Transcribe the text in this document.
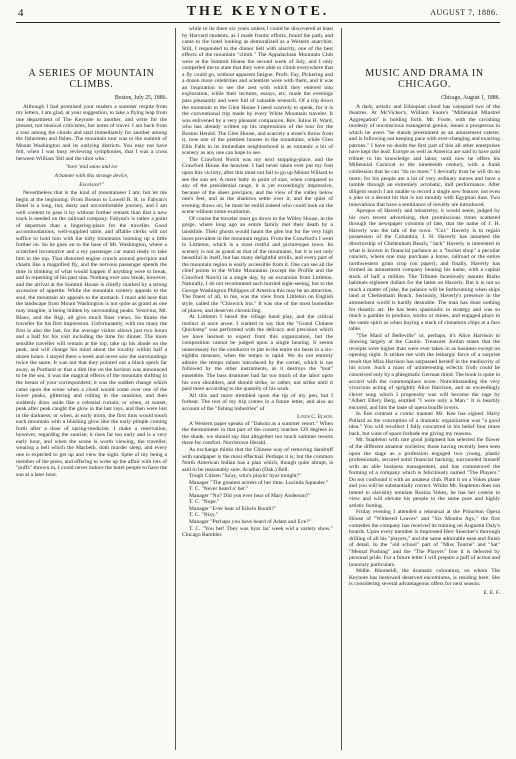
4	THE KEYNOTE.	AUGUST 7, 1886.
A SERIES OF MOUNTAIN CLIMBS.
Boston, July 25, 1886.

Although I had promised your readers a summer respite from my letters, I am glad, at your suggestion, to take a flying leap from one department of The Keynote to another, and write for the present, not musical criticisms, but notes of travel. I am back from a tour among the clouds and start immediately for another among the fishermen and fishes. The mountain tour was to the summit of Mount Washington and its outlying districts. You may not have felt, when I was busy reviewing symphonies, that I was a cross between William Tell and the idiot who:

"bore 'mid snow and ice
A banner with this strange device,
Excelsior!"

Nevertheless that is the kind of mountaineer I am; but let me begin at the beginning: From Boston to Lowell R. R. to Fabyan's Hotel is a long, hot, dusty and uncomfortable journey, and I am well content to pass it by without further remark than that a new track is needed on the railroad company. Fabyan's is rather a point of departure than a lingering-place for the traveller. Good accommodations, well-supplied table, and affable clerks will not suffice to hold him with the lofty mountains looming up a little further on. So he goes on to the base of Mt. Washington, where a scratched locomotive and a toy passenger car stand ready to take him to the top. That distorted engine crawls around precipice and chasm like a magnified fly, and the nervous passenger spends the time in thinking of what would happen if anything were to break, and in repenting of his past sins. Nothing ever saw break, however, and the arrival at the Summit House is chiefly marked by a strong accession of appetite. While the mountain scenery appeals to the soul, the mountain air appeals to the stomach. I must add here that the landscape from Mount Washington is not quite as grand as one may imagine, it being hidden by surrounding peaks. Vesuvius, Mt. Blanc, and the Rigi, all give much finer views. So thinks the traveller for his first impression. Unfortunately, with too many the first is also the last, for the average visitor allows just two hours and a half for his visit including the time for dinner. The more sensible traveller will remain at the top, take up his abode on the peak, and will change his mind about the locality within half a dozen hours. I stayed there a week and never saw the surroundings twice the same. It was not that they pointed out a black speck far away, as Portland or that a dim line on the horizon was announced to be the sea, it was the magical effects of the mountain shifting in the breast of your correspondent; it was the sudden change which came upon the scene when a cloud would come over one of the lower peaks, glittering and rolling in the sunshine, and then suddenly draw aside like a celestial curtain; or when, at sunset, peak after peak caught the glow in the last rays, and then were lost in the darkness; or when, at early morn, the first tints would touch each mountain with a blushing glow like the early pimple coming forth after a dose of spring-medicine. I make a reservation, however, regarding the sunrise; it rises far too early and is a very early hour, and when the scene is worth viewing, the traveller, wearing a bell which the Macbeth, doth murder sleep, and every one is expected to get up and view the sight. Spite of my being a member of the press, and offering to write up the affair with lots of "puffs" thrown in, I could never induce the hotel people to have the sun at a later hour.

while to lie there six years unless I could be discovered at least by Harvard students, as I made frantic efforts, found the path, and came to the hotel looking as demoralized as a Western anarchist. Still, I responded to the dinner bell with alacrity, one of the best effects of the mountain "climb." The Appalachian Mountain Club were at the Summit House the second week of July, and I only compelled me to state that they were able to climb everywhere that a fly could go, without apparent fatigue. Profs. Fay, Pickering and a dozen more celebrities and scientists were with them, and it was an inspiration to see the zest with which they entered into exploration, while their lectures, essays, etc. made the evenings pass pleasantly and were full of valuable research. Of a trip down the mountain to the Glen House I need scarcely to speak, for it is the conventional trip made by every White Mountain traveler. It was enlivened by a very pleasant companion, Rev. Julius H. Ward, who has already written up his impressions of the tour for the Boston Herald. The Glen House, and scarcely a stone's throw from it, rose one of the prettiest houses in the mountains, while Glen Ellis Falls in its immediate neighborhood is as romantic a bit of scenery as any one can hope to see.

The Crawford Notch was my next stopping-place, and the Crawford House the heaviest. I had never taken ever put my foot upon this vicinity, after this must not fail to go up Mount Willard to see the sun set. A mere baby in point of size, when compared to any of the presidential range, it is yet exceedingly impressive, because of the sheer precipice, and the view of the valley below one's feet, and as the shadows settle over it, and the quiet of evening draws on, he must be stolid indeed who could look on the scene without some exaltation.

Of course the traveler must go down to the Willey House, in the gorge, where long ago an entire family met their death by a landslide. Their ghosts would haunt the glen but for the very high taxes prevalent in the mountain region. From the Crawford's I went to Littleton, which is a most restful and picturesque town. Its scenery is not as grand as that of the mountains, but it is not only beautiful in itself, but has many delightful strolls, and every part of the mountain region is easily accessible from it. One can see all the chief points in the White Mountains (except the Profile and the Crawford Notch) in a single day, by an excursion from Littleton. Naturally, I do not recommend such hurried sight-seeing, but to the George Washington Philippos of America this may be an attraction. The finest of all, to me, was the view from Littleton on English style, called the "Chiswick Inn." It was one of the most homelike of places, and deserves chronicling.

At Littleton I heard the village band play, and the critical instinct at once arose. I wanted to say that the "Grand Chinese Quickstep" was performed with the delicacy and precision which we have learned to expect from this organization, but the composition cannot be judged upon a single hearing. It seems unnecessary for the conductor to put in the entire six beats in a six-eighths measure, when the tempo is rapid. We do not entirely admire the tempo rubato introduced by the cornet, which is not followed by the other instruments, as it destroys the "tout" ensemble. The bass drummer had far too much of the labor upon his own shoulders, and should strike, or rather, not strike until it paid more according to the quantity of his work.

All this and more trembled upon the tip of my pen, but I forbear. The rest of my trip comes in a future letter, and also an account of the "fishing industries" of

Louis C. Elson.

A Western paper speaks of "Dakota as a summer resort." When the thermometer in that part of the country reaches 120 degrees in the shade, we should say that altogether too much summer resorts there for comfort. Norristown Herald.

As exchange thinks that the Chinese way of removing dandruff with sandpaper is the most effectual. Perhaps it is; but the common North American Indian has a plan which, though quite abrupt, is said to be reasonably sure. Acadian (Dak.) Bell.

Tough Citizen "Sa'ay, who's playin' hyar tonight?"

Manager "The greatest actress of her time, Lucinda Squealer."

T. C. "Never heard o' her."

Manager "No? Did you ever hear of Mary Anderson?"

T. C. "Nope."

Manager "Ever hear of Edwin Booth?"

T. C. "Nixy."

Manager "Perhaps you have heard of Adam and Eve?"

T. C. "You bet! They was hyar las' week wid a variety show." Chicago Rambler.

MUSIC AND DRAMA IN CHICAGO.
Chicago, August 1, 1886.

A dark, artistic and Ethiopian cloud has canopied two of the theatres. At McVicker's, William Foote's "Millennial Minstrel Aggregation" is holding forth. Mr. Foote, with the ravishing modesty of unconscious managerial genius, issues a prospectus in which he avers "he stands preeminent as an amusement caterer, and is following out keeping pace with ever-changing and exacting patrons." I have no doubt the first part of this all other enterprises have kept the lead. Europe as well as America are said to have paid tribute to his knowledge and labor, until now he offers his Millennial Carnival to the nineteenth century, with a frank confession that he can "do no more." I devoutly trust he will do no more, for his people are a lot of very ordinary nurses and have a tumble through an extremely acrobatic, dull performance. After diligent search I am unable to record a single new feature; not even a joke or a decent hit that is not mouldy with Egyptian dust. Two innovations that have a semblance of novelty are introduced.

Apropos of Haverly and minstrelsy, it would seem, judged by his own recent advertising, that promiscuous times scattered through the newspaper columns of late, that the name of J. H. Haverly was the talk of the town. "Col." Haverly is to regain possession of the Columbia; J. H. Haverly has assumed the directorship of Cheltenham Beach; "Jack" Haverly is interested in what is known in financial parlance as a "bucket shop" a peculiar concern, where one may purchase a horse, railroad or the entire northwestern grain crop (on paper); and finally, Haverly has formed an amusement company bearing his name, with a capital stock of half a million. The Tribune facetiously assures Rialto habitués eighteen dollars for the latest on Haverly. But it is not so much a matter of joke, the palance will be forthcoming when ships land at Cheltenham Beach. Seriously, Haverly's presence in the amusement world is hardly desirable. The man has done nothing for theatric art. He has been spasmodic in strategy and was so much a gamble in produce, stocks or mines, and engaged plays in the same spirit as when buying a stack of cinnamon chips at a faro table.

"The Maid of Belleville" or, perhaps, it's Alice Harrison to drawing largely at the Casino. Treasurer Jordan states that the receipts were higher than were ever taken in as business except on opening night. It strikes me with the lethargic force of a surprise result that Miss Harrison has surpassed herself in the mediocrity of his score. Such a mass of uninteresting eclectic froth could be conceived only by a phlegmatic German mind. The book is quite in accord with the commonplace score. Notwithstanding the very vivacious acting of sprightly Alice Harrison, and an exceedingly clever song which I propensity was will become the rage by "Albert Ellery Berg, entitled "I were only a Man." It is heartily encored, and hits the taste of opera bouffe lovers.

In fine contrast a comic manner Mr. Kee has signed. Harry Pollard as the conception of a dramatic organization was "a good idea." You will recollect I fully concurred in his belief four times back, but want of space forbade me giving my reasons.

Mr. Stapleton with rare good judgment has selected the flower of the different amateur societies; those having recently been seen upon the stage as a profession engaged two young, plastic professionals, secured solid financial backing, surrounded himself with an able business management, and has commenced the forming of a company which is felicitously named "The Players." Do not confound it with an amateur club. Plant it on a Vokes plane and you will be substantially correct. Whilst Mr. Stapleton does not intend to slavishly emulate Rosina Vokes, he has her coterie in view and will elevate his people to the same pure and highly artistic footing.

Friday evening I attended a rehearsal at the Princeton Opera House of "Withered Leaves" and "Six Months Ago," the first comedies the company has received its training on Augustin Daly's boards. Upon every member is impressed Herr Stoecker's thorough drilling of all his "players," and the same admirable ease and finish of detail. In the "old school" part of "Miss Tourne" and "Sat" "Mental Pushing" and the "The Players" fore it is deferred by personal pride. For a future letter I will prepare a puff of action and honorary particulars.

Mdlle. Rhomeldi, the dramatic coloratura, on whom The Keynote has bestowed deserved encomiums, is residing here. She is considering several advantageous offers for next season.

E. E. F.
